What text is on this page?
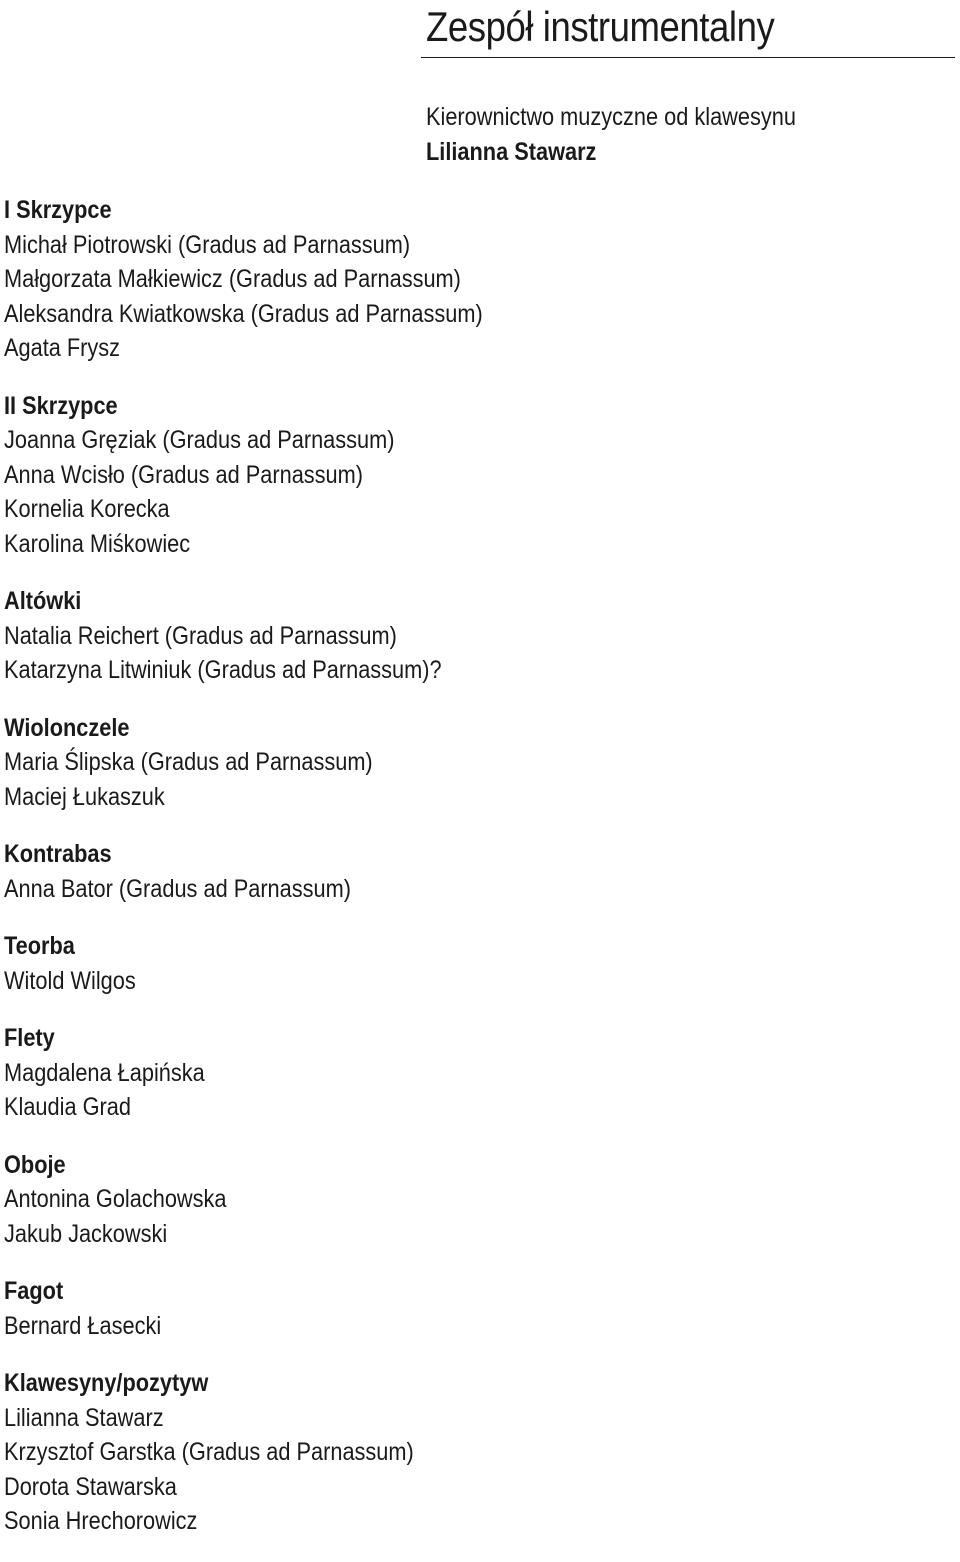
Zespół instrumentalny
Kierownictwo muzyczne od klawesynu
Lilianna Stawarz
I Skrzypce
Michał Piotrowski (Gradus ad Parnassum)
Małgorzata Małkiewicz (Gradus ad Parnassum)
Aleksandra Kwiatkowska (Gradus ad Parnassum)
Agata Frysz
II Skrzypce
Joanna Gręziak (Gradus ad Parnassum)
Anna Wcisło (Gradus ad Parnassum)
Kornelia Korecka
Karolina Miśkowiec
Altówki
Natalia Reichert (Gradus ad Parnassum)
Katarzyna Litwiniuk (Gradus ad Parnassum)?
Wiolonczele
Maria Ślipska (Gradus ad Parnassum)
Maciej Łukaszuk
Kontrabas
Anna Bator (Gradus ad Parnassum)
Teorba
Witold Wilgos
Flety
Magdalena Łapińska
Klaudia Grad
Oboje
Antonina Golachowska
Jakub Jackowski
Fagot
Bernard Łasecki
Klawesyny/pozytyw
Lilianna Stawarz
Krzysztof Garstka (Gradus ad Parnassum)
Dorota Stawarska
Sonia Hrechorowicz
